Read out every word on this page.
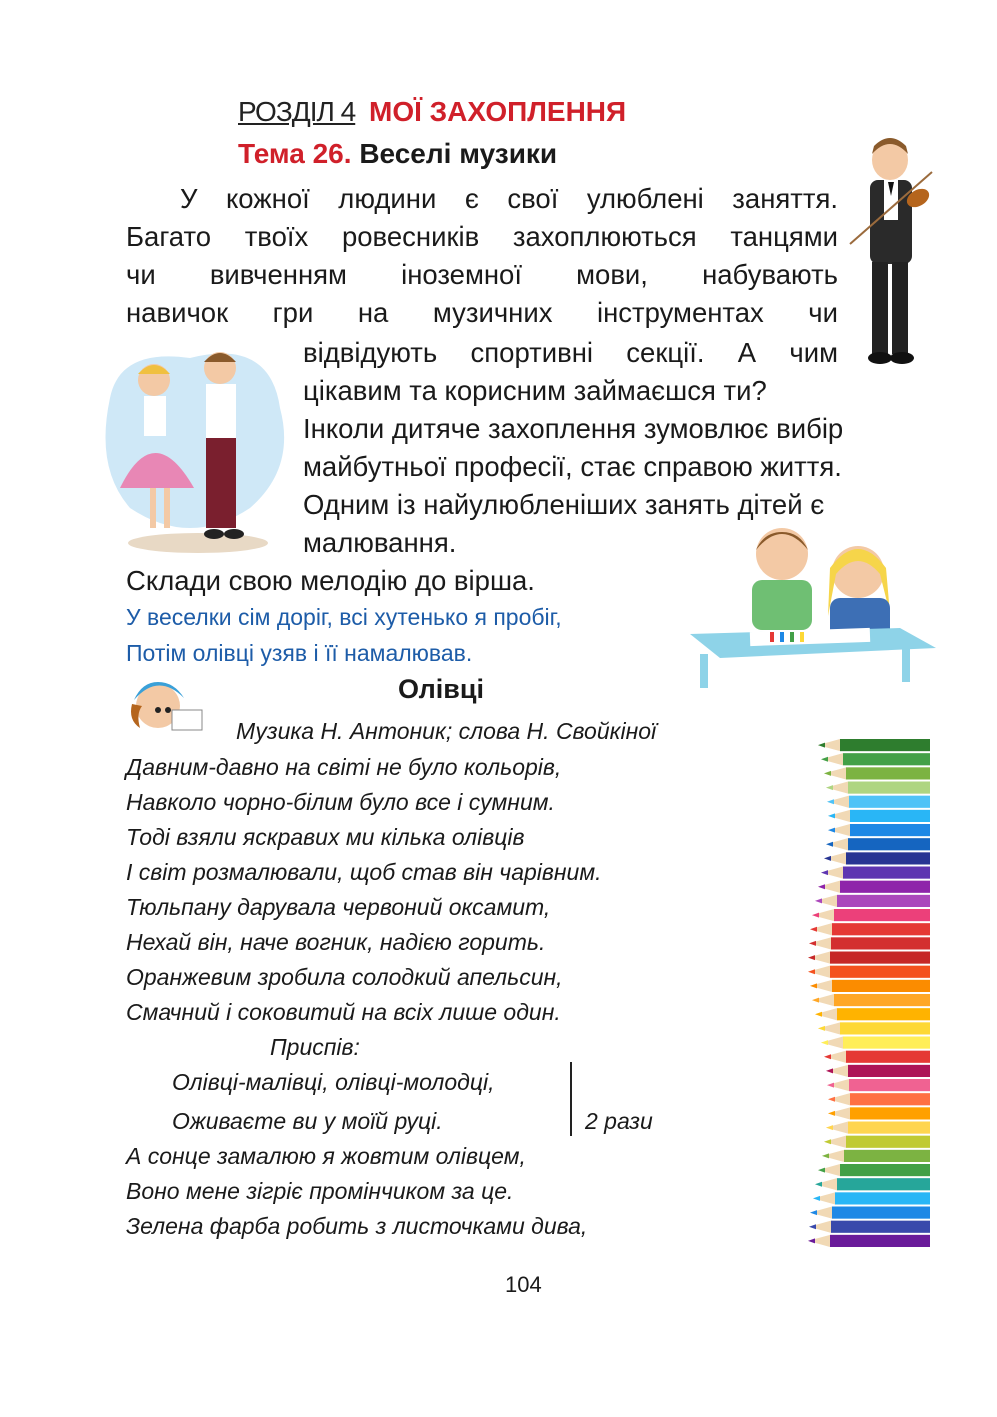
РОЗДІЛ 4 МОЇ ЗАХОПЛЕННЯ
Тема 26. Веселі музики
У кожної людини є свої улюблені заняття.
Багато твоїх ровесників захоплюються танцями
чи вивченням іноземної мови, набувають
навичок гри на музичних інструментах чи
відвідують спортивні секції. А чим
цікавим та корисним займаєшся ти?
Інколи дитяче захоплення зумовлює вибір
майбутньої професії, стає справою життя.
Одним із найулюбленіших занять дітей є
малювання.
Склади свою мелодію до вірша.
У веселки сім доріг, всі хутенько я пробіг,
Потім олівці узяв і її намалював.
Олівці
Музика Н. Антоник; слова Н. Свойкіної
Давним-давно на світі не було кольорів,
Навколо чорно-білим було все і сумним.
Тоді взяли яскравих ми кілька олівців
І світ розмалювали, щоб став він чарівним.
Тюльпану дарувала червоний оксамит,
Нехай він, наче вогник, надією горить.
Оранжевим зробила солодкий апельсин,
Смачний і соковитий на всіх лише один.
Приспів:
Олівці-малівці, олівці-молодці,
Оживаєте ви у моїй руці.	2 рази
А сонце замалюю я жовтим олівцем,
Воно мене зігріє промінчиком за це.
Зелена фарба робить з листочками дива,
104
